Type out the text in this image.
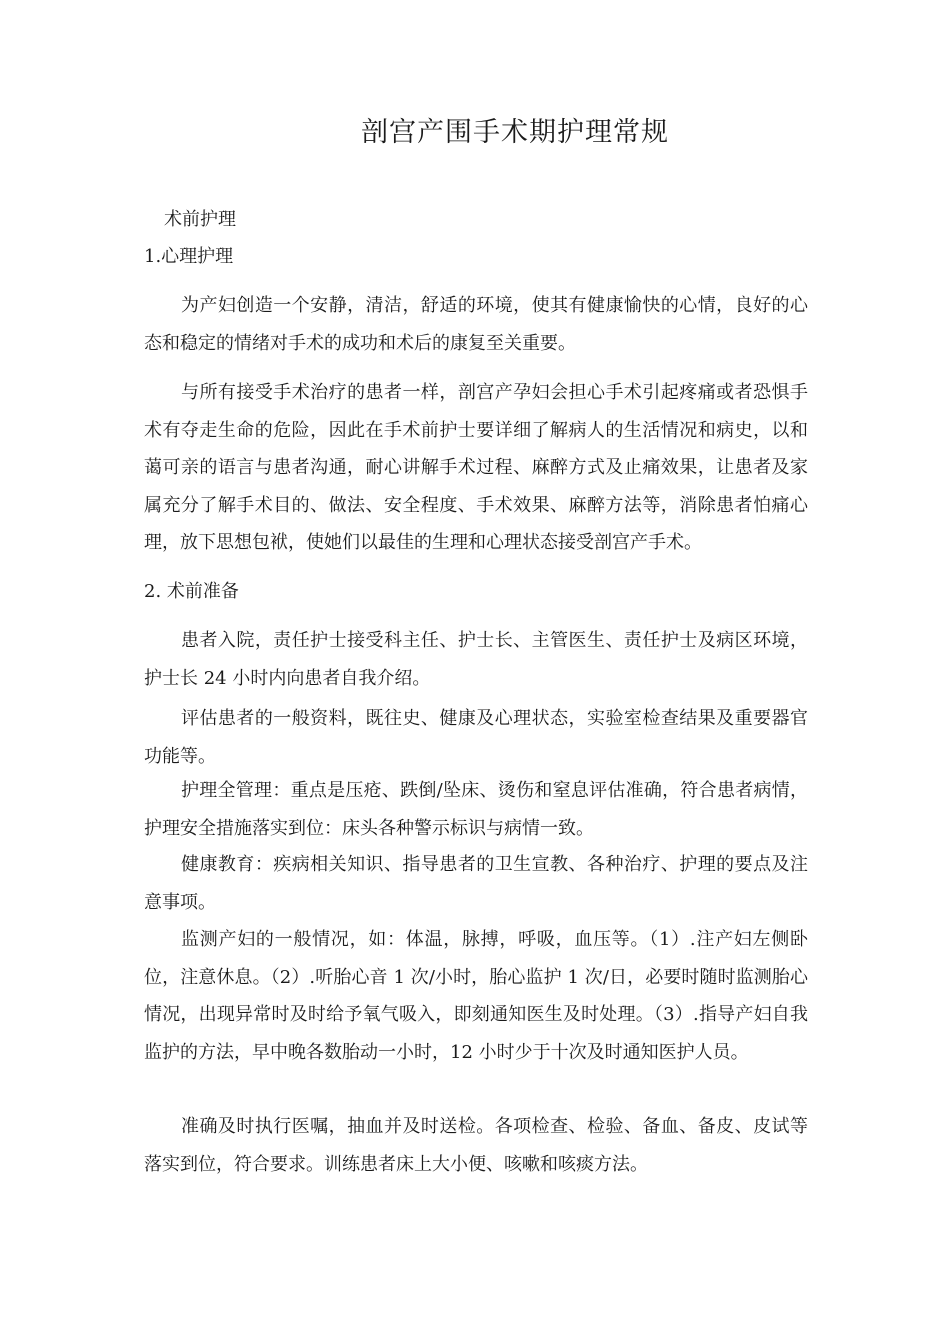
剖宫产围手术期护理常规
术前护理
1.心理护理
为产妇创造一个安静，清洁，舒适的环境，使其有健康愉快的心情，良好的心态和稳定的情绪对手术的成功和术后的康复至关重要。
与所有接受手术治疗的患者一样，剖宫产孕妇会担心手术引起疼痛或者恐惧手术有夺走生命的危险，因此在手术前护士要详细了解病人的生活情况和病史，以和蔼可亲的语言与患者沟通，耐心讲解手术过程、麻醉方式及止痛效果，让患者及家属充分了解手术目的、做法、安全程度、手术效果、麻醉方法等，消除患者怕痛心理，放下思想包袱，使她们以最佳的生理和心理状态接受剖宫产手术。
2. 术前准备
患者入院，责任护士接受科主任、护士长、主管医生、责任护士及病区环境，护士长 24 小时内向患者自我介绍。
评估患者的一般资料，既往史、健康及心理状态，实验室检查结果及重要器官功能等。
护理全管理：重点是压疮、跌倒/坠床、烫伤和窒息评估准确，符合患者病情，护理安全措施落实到位：床头各种警示标识与病情一致。
健康教育：疾病相关知识、指导患者的卫生宣教、各种治疗、护理的要点及注意事项。
监测产妇的一般情况，如：体温，脉搏，呼吸，血压等。（1）.注产妇左侧卧位，注意休息。（2）.听胎心音 1 次/小时，胎心监护 1 次/日，必要时随时监测胎心情况，出现异常时及时给予氧气吸入，即刻通知医生及时处理。（3）.指导产妇自我监护的方法，早中晚各数胎动一小时，12 小时少于十次及时通知医护人员。
准确及时执行医嘱，抽血并及时送检。各项检查、检验、备血、备皮、皮试等落实到位，符合要求。训练患者床上大小便、咳嗽和咳痰方法。
